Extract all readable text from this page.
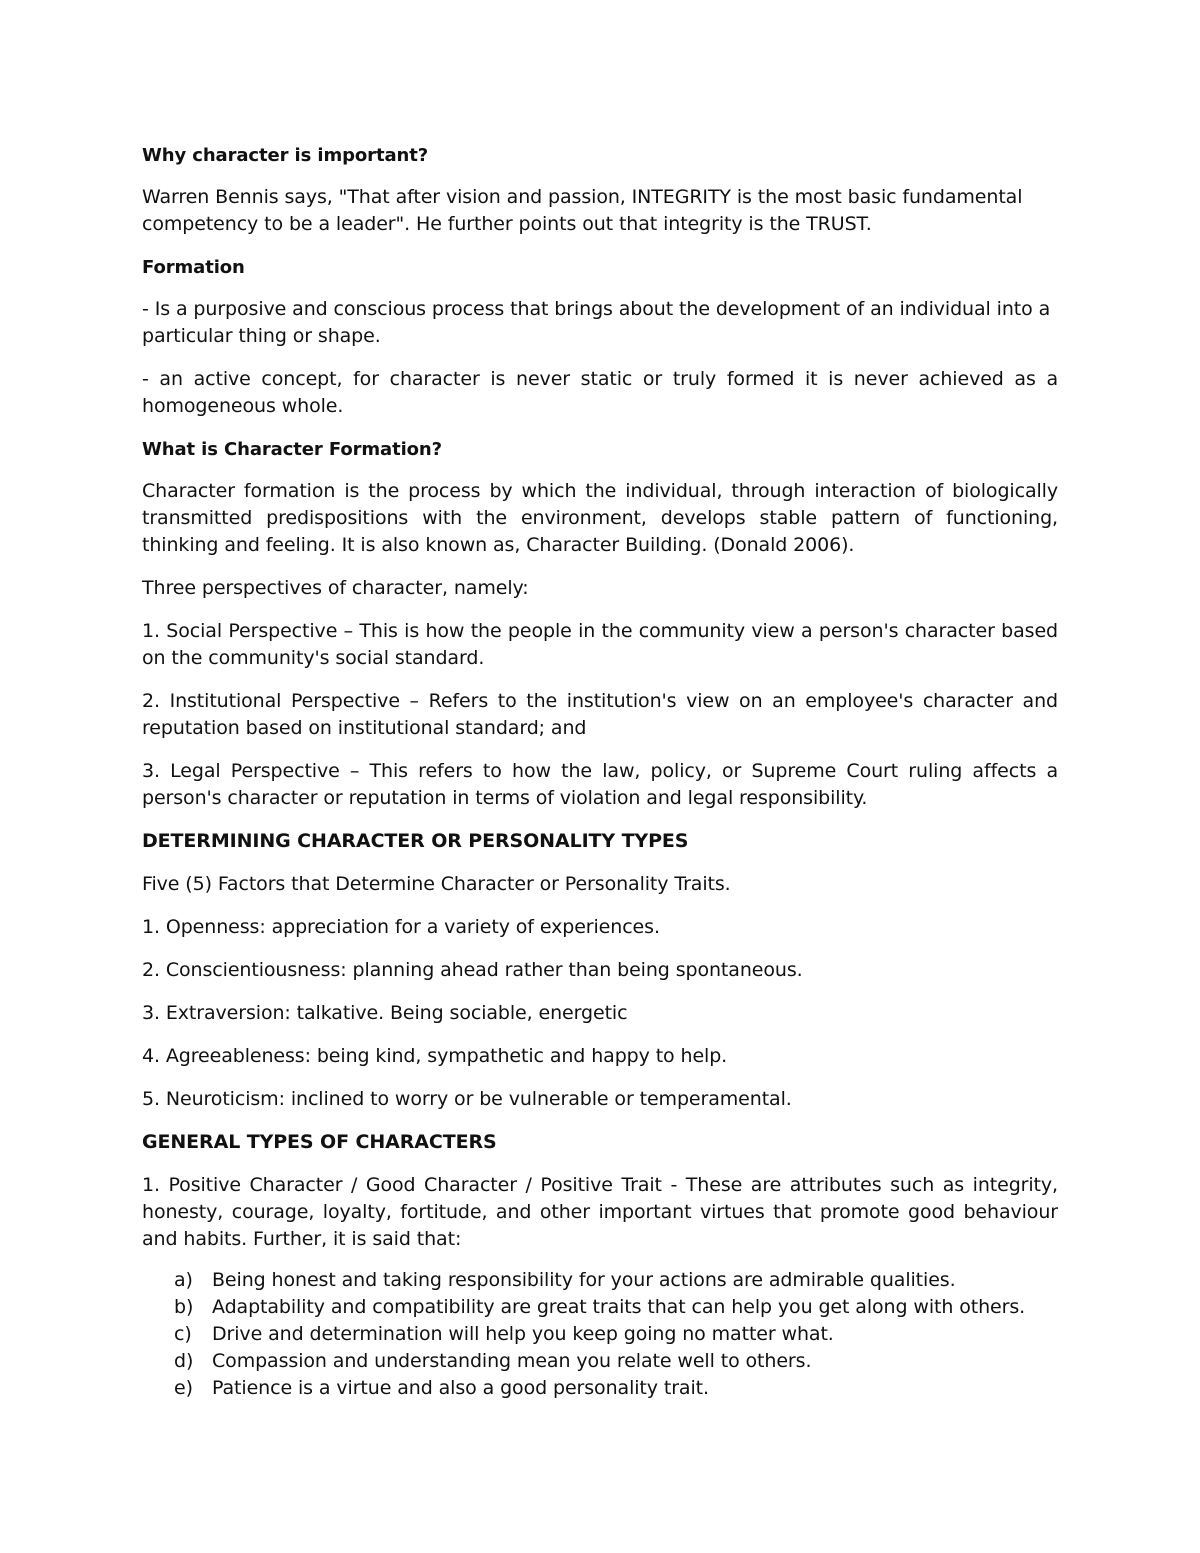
Why character is important?

Warren Bennis says, "That after vision and passion, INTEGRITY is the most basic fundamental competency to be a leader". He further points out that integrity is the TRUST.

Formation

- Is a purposive and conscious process that brings about the development of an individual into a particular thing or shape.

- an active concept, for character is never static or truly formed it is never achieved as a homogeneous whole.

What is Character Formation?

Character formation is the process by which the individual, through interaction of biologically transmitted predispositions with the environment, develops stable pattern of functioning, thinking and feeling. It is also known as, Character Building. (Donald 2006).

Three perspectives of character, namely:

1. Social Perspective – This is how the people in the community view a person's character based on the community's social standard.

2. Institutional Perspective – Refers to the institution's view on an employee's character and reputation based on institutional standard; and

3. Legal Perspective – This refers to how the law, policy, or Supreme Court ruling affects a person's character or reputation in terms of violation and legal responsibility.

DETERMINING CHARACTER OR PERSONALITY TYPES

Five (5) Factors that Determine Character or Personality Traits.

1. Openness: appreciation for a variety of experiences.

2. Conscientiousness: planning ahead rather than being spontaneous.

3. Extraversion: talkative. Being sociable, energetic

4. Agreeableness: being kind, sympathetic and happy to help.

5. Neuroticism: inclined to worry or be vulnerable or temperamental.

GENERAL TYPES OF CHARACTERS

1. Positive Character / Good Character / Positive Trait - These are attributes such as integrity, honesty, courage, loyalty, fortitude, and other important virtues that promote good behaviour and habits. Further, it is said that:

a) Being honest and taking responsibility for your actions are admirable qualities.
b) Adaptability and compatibility are great traits that can help you get along with others.
c) Drive and determination will help you keep going no matter what.
d) Compassion and understanding mean you relate well to others.
e) Patience is a virtue and also a good personality trait.
